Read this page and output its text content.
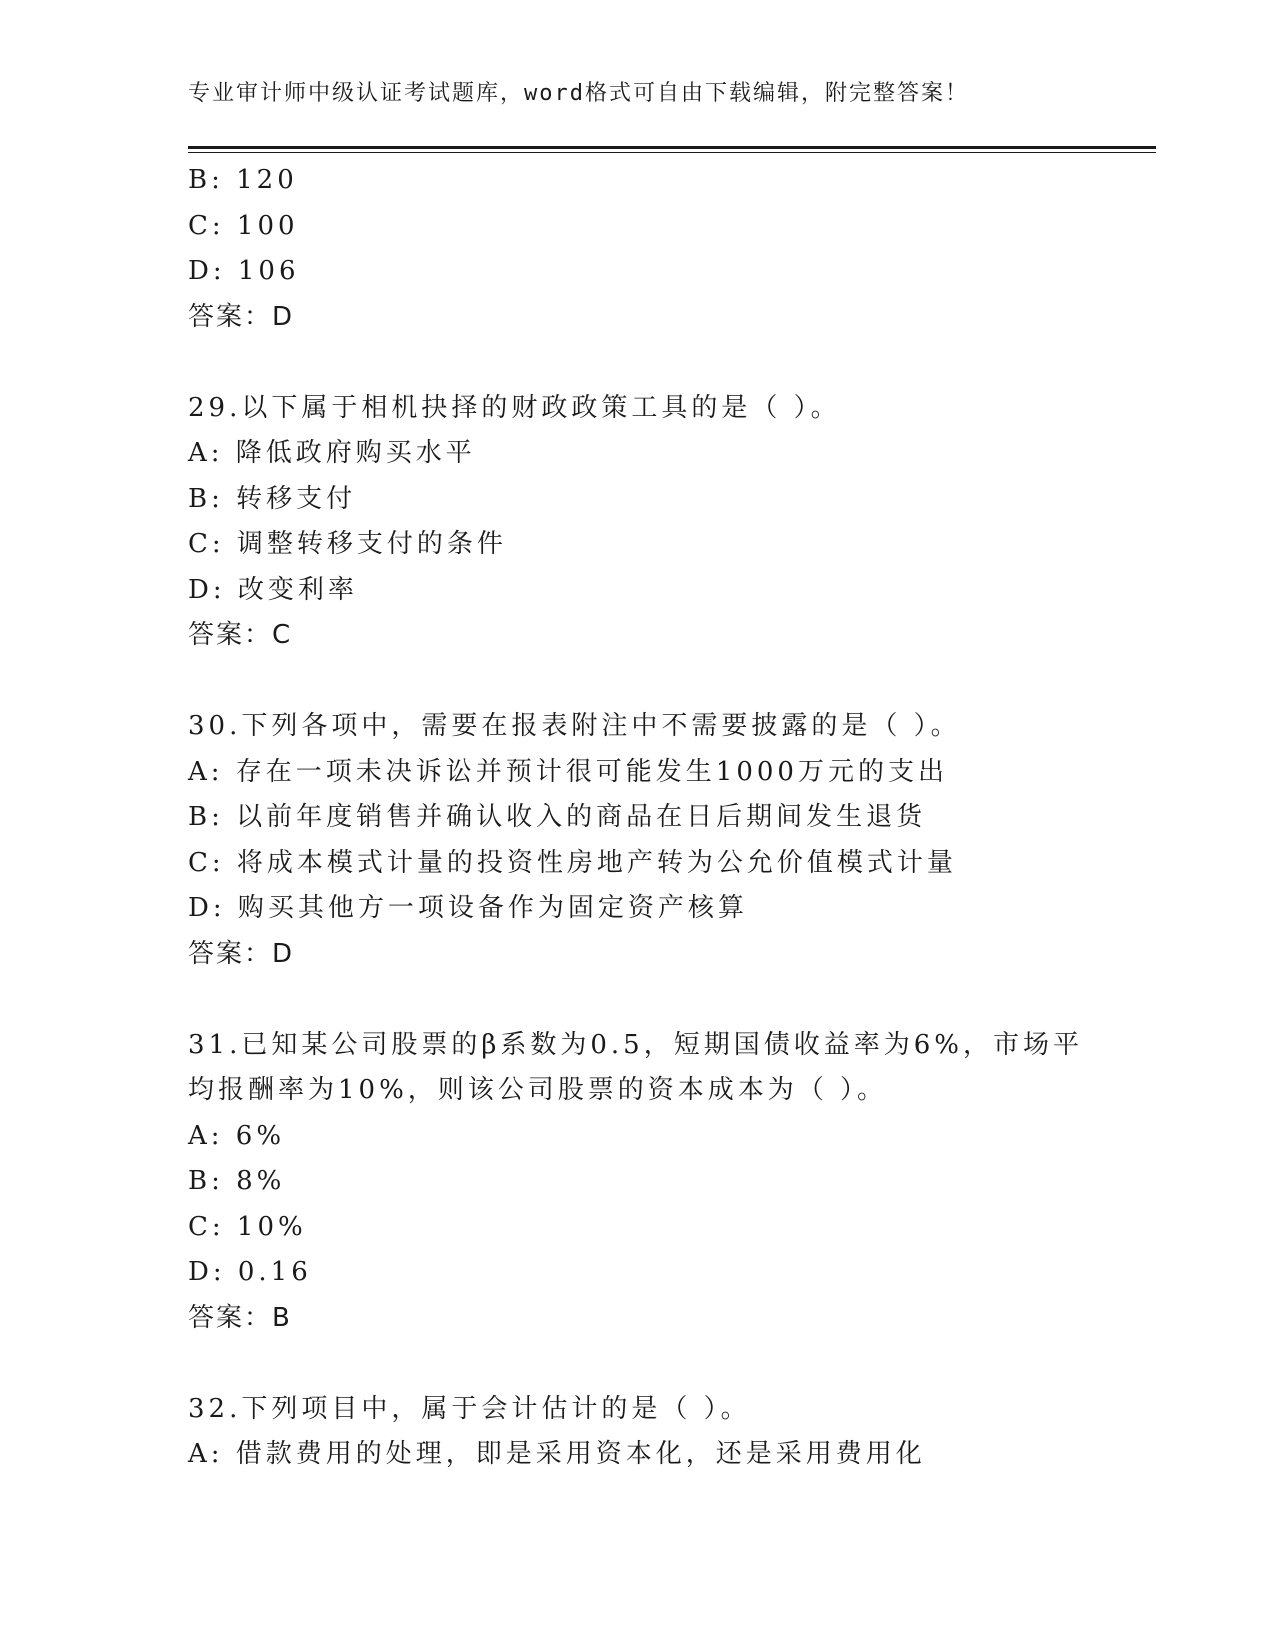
专业审计师中级认证考试题库，word格式可自由下载编辑，附完整答案！
B: 120
C: 100
D: 106
答案：D
29.以下属于相机抉择的财政政策工具的是（ ）。
A: 降低政府购买水平
B: 转移支付
C: 调整转移支付的条件
D: 改变利率
答案：C
30.下列各项中，需要在报表附注中不需要披露的是（ ）。
A: 存在一项未决诉讼并预计很可能发生1000万元的支出
B: 以前年度销售并确认收入的商品在日后期间发生退货
C: 将成本模式计量的投资性房地产转为公允价值模式计量
D: 购买其他方一项设备作为固定资产核算
答案：D
31.已知某公司股票的β系数为0.5，短期国债收益率为6%，市场平
均报酬率为10%，则该公司股票的资本成本为（ ）。
A: 6%
B: 8%
C: 10%
D: 0.16
答案：B
32.下列项目中，属于会计估计的是（ ）。
A: 借款费用的处理，即是采用资本化，还是采用费用化
